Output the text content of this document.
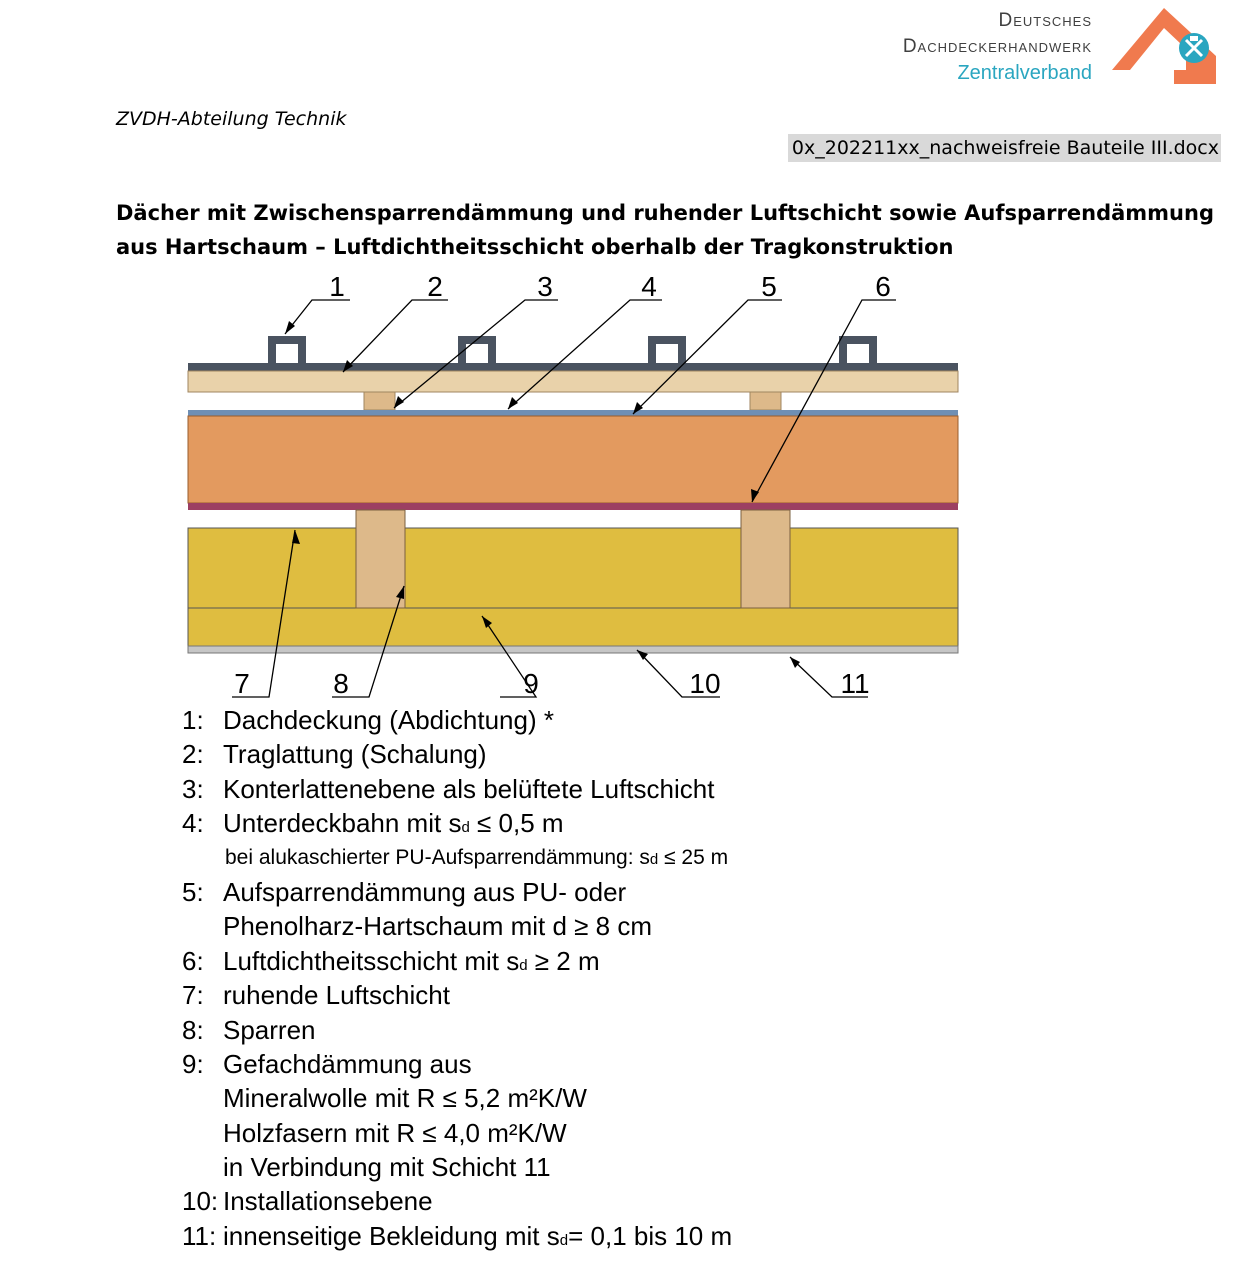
Deutsches
Dachdeckerhandwerk
Zentralverband
ZVDH-Abteilung Technik
0x_202211xx_nachweisfreie Bauteile III.docx
Dächer mit Zwischensparrendämmung und ruhender Luftschicht sowie Aufsparrendämmung aus Hartschaum – Luftdichtheitsschicht oberhalb der Tragkonstruktion
1	2	3	4	5	6
7	8	9	10	11
1: Dachdeckung (Abdichtung) *
2: Traglattung (Schalung)
3: Konterlattenebene als belüftete Luftschicht
4: Unterdeckbahn mit sd ≤ 0,5 m
bei alukaschierter PU-Aufsparrendämmung: sd ≤ 25 m
5: Aufsparrendämmung aus PU- oder
Phenolharz-Hartschaum mit d ≥ 8 cm
6: Luftdichtheitsschicht mit sd ≥ 2 m
7: ruhende Luftschicht
8: Sparren
9: Gefachdämmung aus
Mineralwolle mit R ≤ 5,2 m²K/W
Holzfasern mit R ≤ 4,0 m²K/W
in Verbindung mit Schicht 11
10: Installationsebene
11: innenseitige Bekleidung mit sd= 0,1 bis 10 m
